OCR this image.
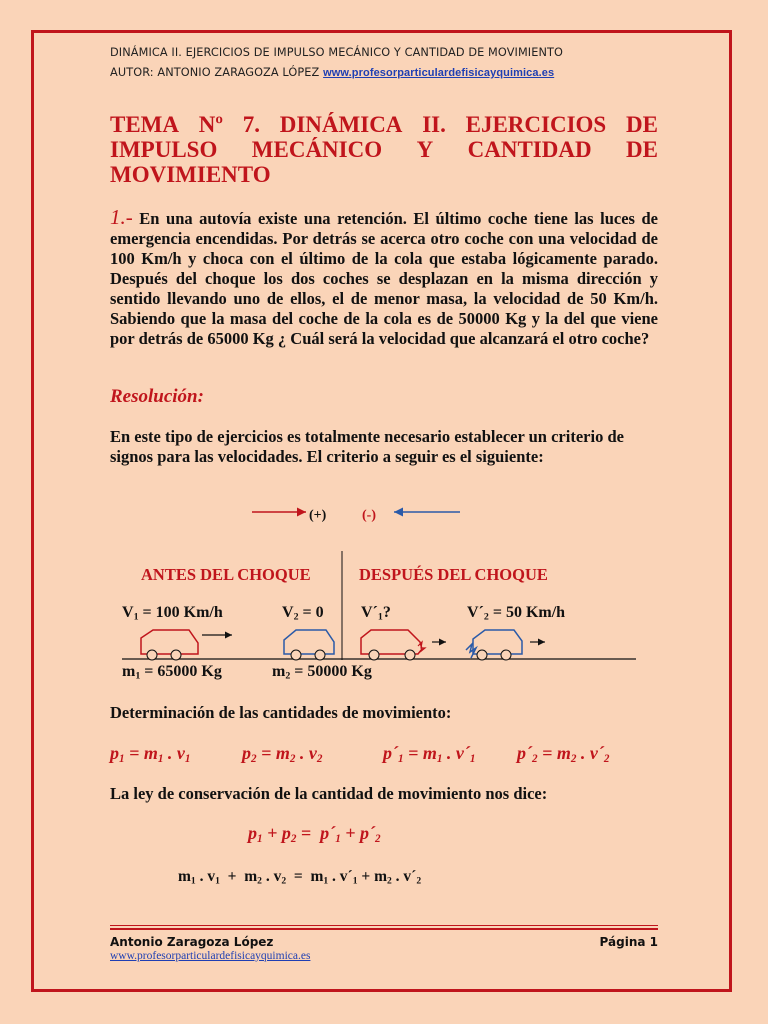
DINÁMICA II. EJERCICIOS DE IMPULSO MECÁNICO Y CANTIDAD DE MOVIMIENTO
AUTOR: ANTONIO ZARAGOZA LÓPEZ www.profesorparticulardefisicayquimica.es
TEMA Nº 7. DINÁMICA II. EJERCICIOS DE
IMPULSO MECÁNICO Y CANTIDAD DE
MOVIMIENTO
1.- En una autovía existe una retención. El último coche tiene las luces de emergencia encendidas. Por detrás se acerca otro coche con una velocidad de 100 Km/h y choca con el último de la cola que estaba lógicamente parado. Después del choque los dos coches se desplazan en la misma dirección y sentido llevando uno de ellos, el de menor masa, la velocidad de 50 Km/h. Sabiendo que la masa del coche de la cola es de 50000 Kg y la del que viene por detrás de 65000 Kg ¿ Cuál será la velocidad que alcanzará el otro coche?
Resolución:
En este tipo de ejercicios es totalmente necesario establecer un criterio de signos para las velocidades. El criterio a seguir es el siguiente:
(+)	(-)
ANTES DEL CHOQUE	DESPUÉS DEL CHOQUE
$V_1 = 100$ Km/h	$V_2 = 0$ $V´_1$?	$V´_2 = 50$ Km/h
$m_1 = 65000$ Kg	$m_2 = 50000$ Kg
Determinación de las cantidades de movimiento:
$p_1 = m_1$ . $v_1$	$p_2 = m_2$ . $v_2$	$p´_1 = m_1$ . $v´_1$ $p´_2 = m_2$ . $v´_2$
La ley de conservación de la cantidad de movimiento nos dice:
$p_1 + p_2$ =  $p´_1$ + $p´_2$
$m_1$ . $v_1 + m_2$ . $v_2 = m_1$ . $v´_1 + m_2$ . $v´_2$
Antonio Zaragoza López	Página 1
www.profesorparticulardefisicayquimica.es
